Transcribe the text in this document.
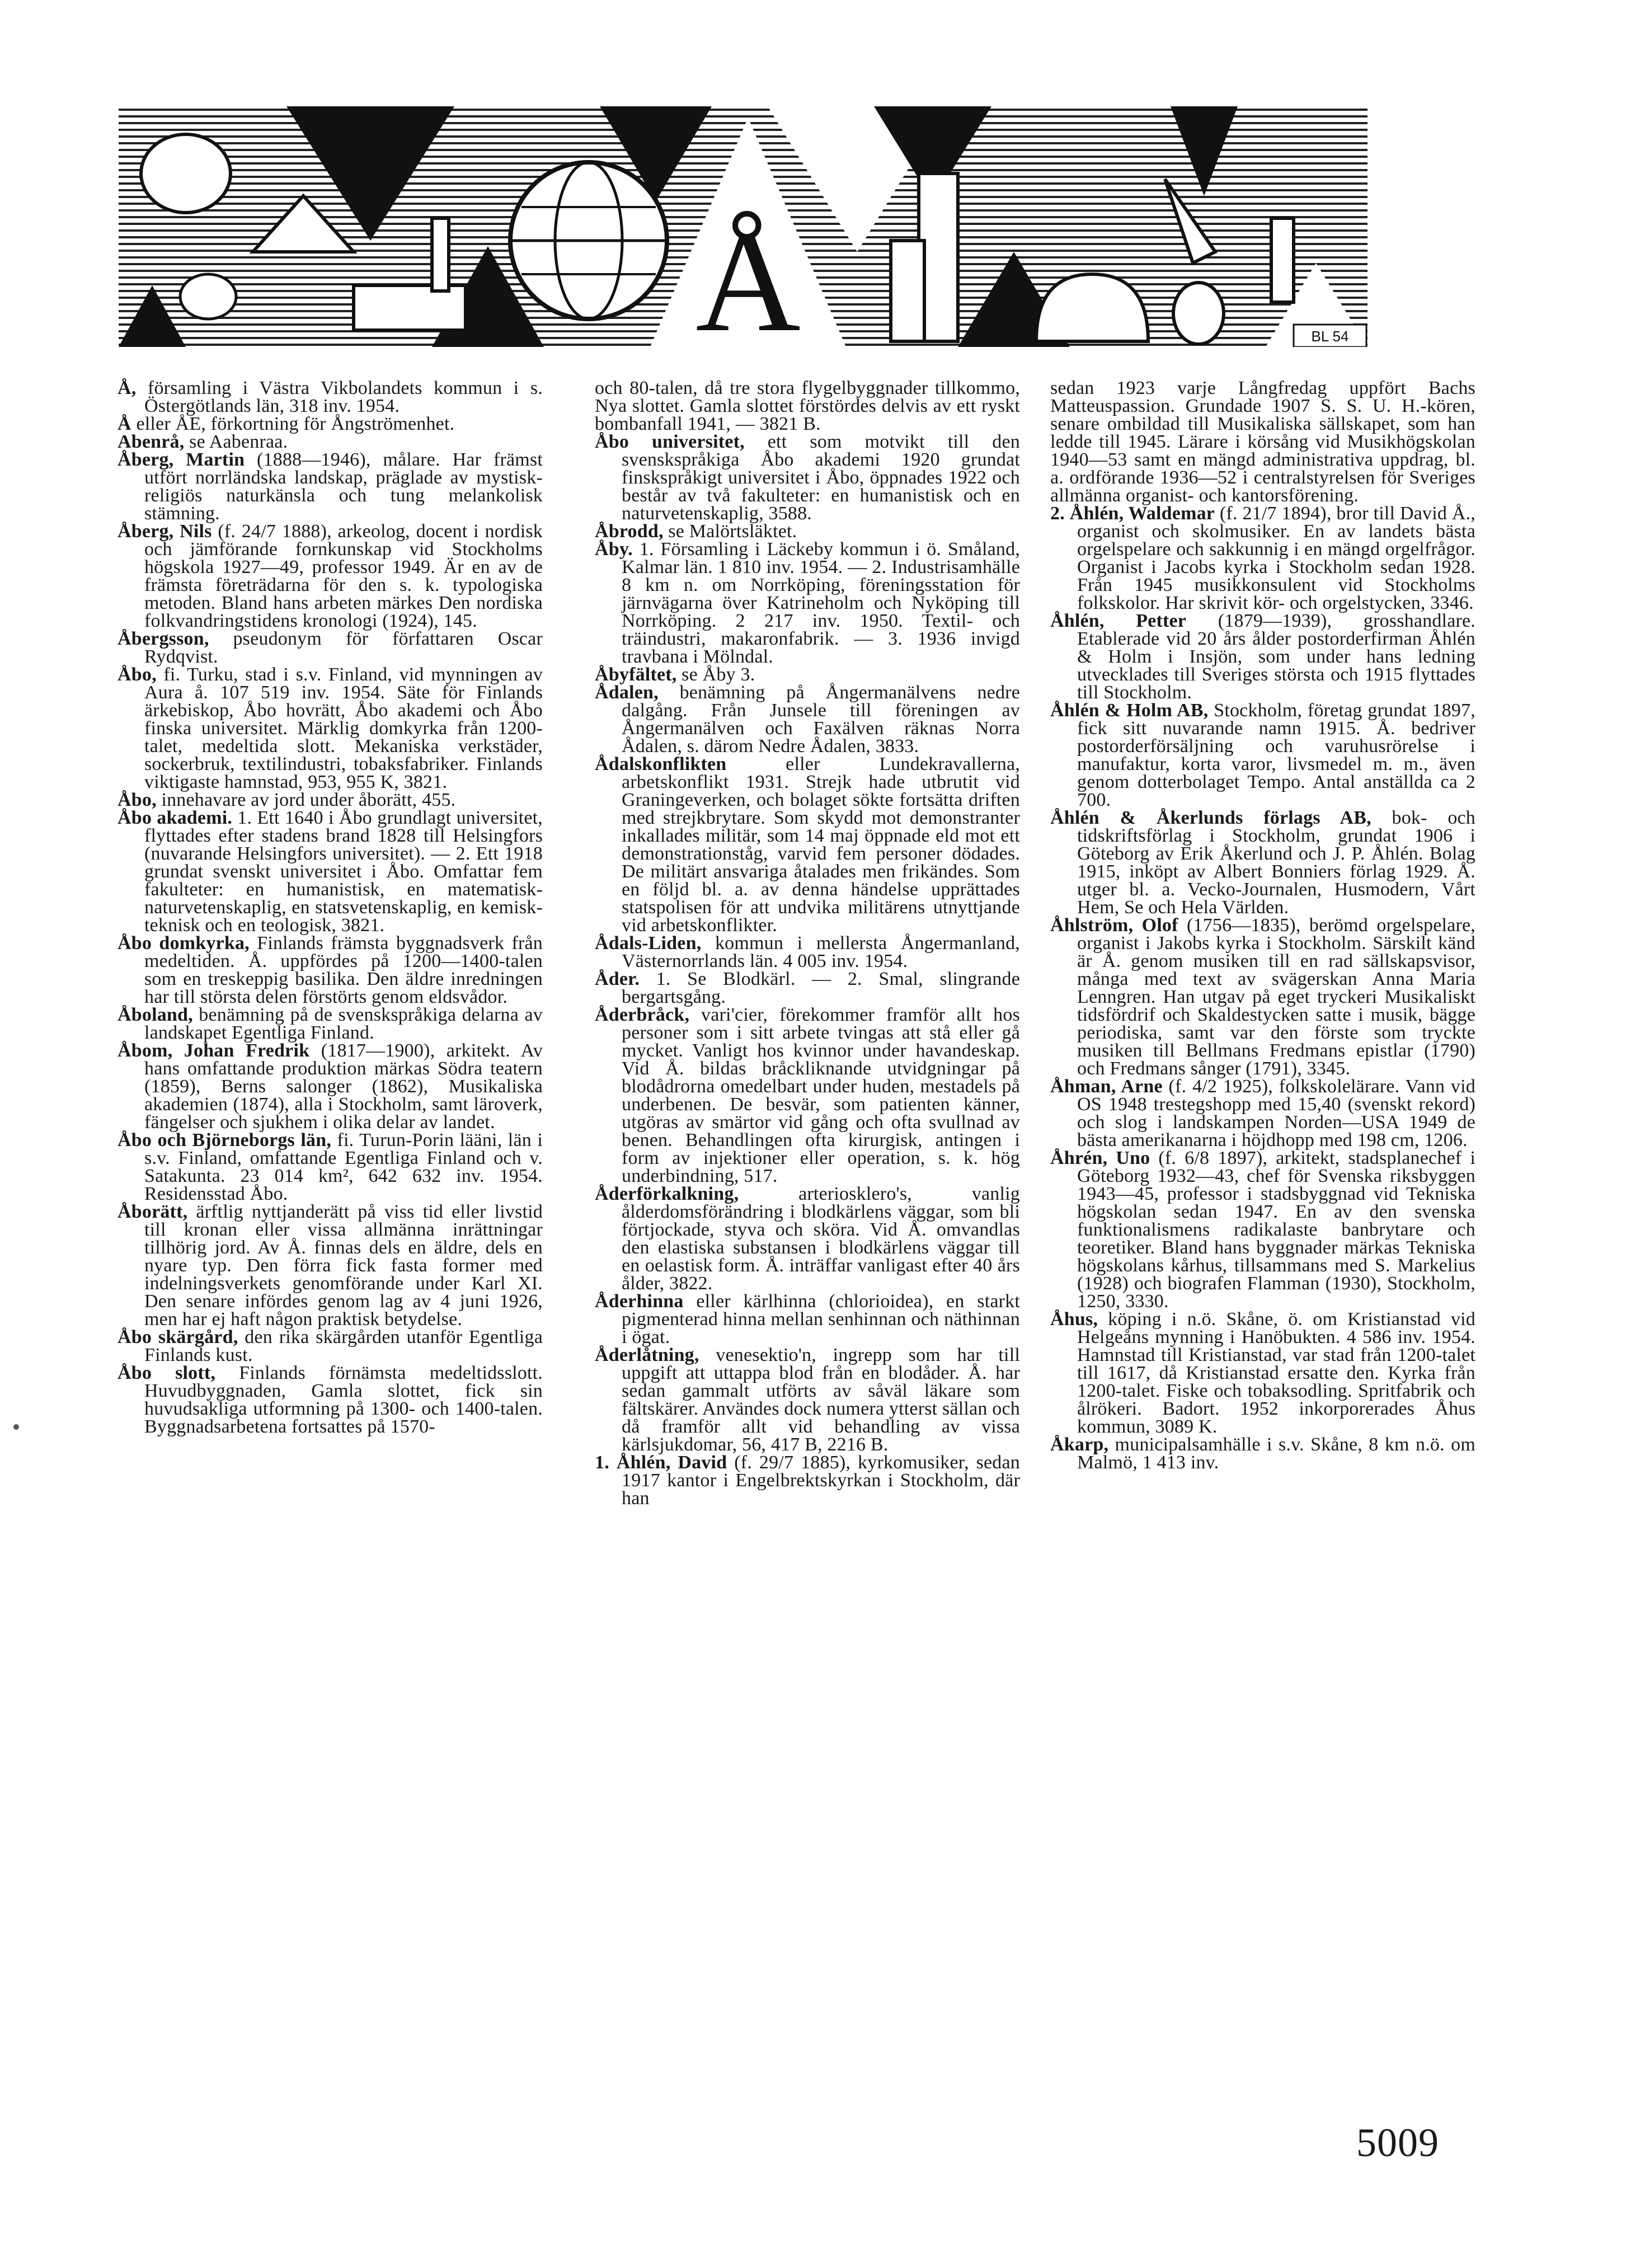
Å	BL 54

Å, församling i Västra Vikbolandets kommun i s. Östergötlands län, 318 inv. 1954.

Å eller ÅE, förkortning för Ångströmenhet.

Abenrå, se Aabenraa.

Åberg, Martin (1888—1946), målare. Har främst utfört norrländska landskap, präglade av mystisk-religiös naturkänsla och tung melankolisk stämning.

Åberg, Nils (f. 24/7 1888), arkeolog, docent i nordisk och jämförande fornkunskap vid Stockholms högskola 1927—49, professor 1949. Är en av de främsta företrädarna för den s. k. typologiska metoden. Bland hans arbeten märkes Den nordiska folkvandringstidens kronologi (1924), 145.

Åbergsson, pseudonym för författaren Oscar Rydqvist.

Åbo, fi. Turku, stad i s.v. Finland, vid mynningen av Aura å. 107 519 inv. 1954. Säte för Finlands ärkebiskop, Åbo hovrätt, Åbo akademi och Åbo finska universitet. Märklig domkyrka från 1200-talet, medeltida slott. Mekaniska verkstäder, sockerbruk, textilindustri, tobaksfabriker. Finlands viktigaste hamnstad, 953, 955 K, 3821.

Åbo, innehavare av jord under åborätt, 455.

Åbo akademi. 1. Ett 1640 i Åbo grundlagt universitet, flyttades efter stadens brand 1828 till Helsingfors (nuvarande Helsingfors universitet). — 2. Ett 1918 grundat svenskt universitet i Åbo. Omfattar fem fakulteter: en humanistisk, en matematisk-naturvetenskaplig, en statsvetenskaplig, en kemisk-teknisk och en teologisk, 3821.

Åbo domkyrka, Finlands främsta byggnadsverk från medeltiden. Å. uppfördes på 1200—1400-talen som en treskeppig basilika. Den äldre inredningen har till största delen förstörts genom eldsvådor.

Åboland, benämning på de svenskspråkiga delarna av landskapet Egentliga Finland.

Åbom, Johan Fredrik (1817—1900), arkitekt. Av hans omfattande produktion märkas Södra teatern (1859), Berns salonger (1862), Musikaliska akademien (1874), alla i Stockholm, samt läroverk, fängelser och sjukhem i olika delar av landet.

Åbo och Björneborgs län, fi. Turun-Porin lääni, län i s.v. Finland, omfattande Egentliga Finland och v. Satakunta. 23 014 km², 642 632 inv. 1954. Residensstad Åbo.

Åborätt, ärftlig nyttjanderätt på viss tid eller livstid till kronan eller vissa allmänna inrättningar tillhörig jord. Av Å. finnas dels en äldre, dels en nyare typ. Den förra fick fasta former med indelningsverkets genomförande under Karl XI. Den senare infördes genom lag av 4 juni 1926, men har ej haft någon praktisk betydelse.

Åbo skärgård, den rika skärgården utanför Egentliga Finlands kust.

Åbo slott, Finlands förnämsta medeltidsslott. Huvudbyggnaden, Gamla slottet, fick sin huvudsakliga utformning på 1300- och 1400-talen. Byggnadsarbetena fortsattes på 1570-

och 80-talen, då tre stora flygelbyggnader tillkommo, Nya slottet. Gamla slottet förstördes delvis av ett ryskt bombanfall 1941, — 3821 B.

Åbo universitet, ett som motvikt till den svenskspråkiga Åbo akademi 1920 grundat finskspråkigt universitet i Åbo, öppnades 1922 och består av två fakulteter: en humanistisk och en naturvetenskaplig, 3588.

Åbrodd, se Malörtsläktet.

Åby. 1. Församling i Läckeby kommun i ö. Småland, Kalmar län. 1 810 inv. 1954. — 2. Industrisamhälle 8 km n. om Norrköping, föreningsstation för järnvägarna över Katrineholm och Nyköping till Norrköping. 2 217 inv. 1950. Textil- och träindustri, makaronfabrik. — 3. 1936 invigd travbana i Mölndal.

Åbyfältet, se Åby 3.

Ådalen, benämning på Ångermanälvens nedre dalgång. Från Junsele till föreningen av Ångermanälven och Faxälven räknas Norra Ådalen, s. därom Nedre Ådalen, 3833.

Ådalskonflikten eller Lundekravallerna, arbetskonflikt 1931. Strejk hade utbrutit vid Graningeverken, och bolaget sökte fortsätta driften med strejkbrytare. Som skydd mot demonstranter inkallades militär, som 14 maj öppnade eld mot ett demonstrationståg, varvid fem personer dödades. De militärt ansvariga åtalades men frikändes. Som en följd bl. a. av denna händelse upprättades statspolisen för att undvika militärens utnyttjande vid arbetskonflikter.

Ådals-Liden, kommun i mellersta Ångermanland, Västernorrlands län. 4 005 inv. 1954.

Åder. 1. Se Blodkärl. — 2. Smal, slingrande bergartsgång.

Åderbråck, vari'cier, förekommer framför allt hos personer som i sitt arbete tvingas att stå eller gå mycket. Vanligt hos kvinnor under havandeskap. Vid Å. bildas bråckliknande utvidgningar på blodådrorna omedelbart under huden, mestadels på underbenen. De besvär, som patienten känner, utgöras av smärtor vid gång och ofta svullnad av benen. Behandlingen ofta kirurgisk, antingen i form av injektioner eller operation, s. k. hög underbindning, 517.

Åderförkalkning, arteriosklero's, vanlig ålderdomsförändring i blodkärlens väggar, som bli förtjockade, styva och sköra. Vid Å. omvandlas den elastiska substansen i blodkärlens väggar till en oelastisk form. Å. inträffar vanligast efter 40 års ålder, 3822.

Åderhinna eller kärlhinna (chlorioidea), en starkt pigmenterad hinna mellan senhinnan och näthinnan i ögat.

Åderlåtning, venesektio'n, ingrepp som har till uppgift att uttappa blod från en blodåder. Å. har sedan gammalt utförts av såväl läkare som fältskärer. Användes dock numera ytterst sällan och då framför allt vid behandling av vissa kärlsjukdomar, 56, 417 B, 2216 B.

1. Åhlén, David (f. 29/7 1885), kyrkomusiker, sedan 1917 kantor i Engelbrektskyrkan i Stockholm, där han

sedan 1923 varje Långfredag uppfört Bachs Matteuspassion. Grundade 1907 S. S. U. H.-kören, senare ombildad till Musikaliska sällskapet, som han ledde till 1945. Lärare i körsång vid Musikhögskolan 1940—53 samt en mängd administrativa uppdrag, bl. a. ordförande 1936—52 i centralstyrelsen för Sveriges allmänna organist- och kantorsförening.

2. Åhlén, Waldemar (f. 21/7 1894), bror till David Å., organist och skolmusiker. En av landets bästa orgelspelare och sakkunnig i en mängd orgelfrågor. Organist i Jacobs kyrka i Stockholm sedan 1928. Från 1945 musikkonsulent vid Stockholms folkskolor. Har skrivit kör- och orgelstycken, 3346.

Åhlén, Petter (1879—1939), grosshandlare. Etablerade vid 20 års ålder postorderfirman Åhlén & Holm i Insjön, som under hans ledning utvecklades till Sveriges största och 1915 flyttades till Stockholm.

Åhlén & Holm AB, Stockholm, företag grundat 1897, fick sitt nuvarande namn 1915. Å. bedriver postorderförsäljning och varuhusrörelse i manufaktur, korta varor, livsmedel m. m., även genom dotterbolaget Tempo. Antal anställda ca 2 700.

Åhlén & Åkerlunds förlags AB, bok- och tidskriftsförlag i Stockholm, grundat 1906 i Göteborg av Erik Åkerlund och J. P. Åhlén. Bolag 1915, inköpt av Albert Bonniers förlag 1929. Å. utger bl. a. Vecko-Journalen, Husmodern, Vårt Hem, Se och Hela Världen.

Åhlström, Olof (1756—1835), berömd orgelspelare, organist i Jakobs kyrka i Stockholm. Särskilt känd är Å. genom musiken till en rad sällskapsvisor, många med text av svägerskan Anna Maria Lenngren. Han utgav på eget tryckeri Musikaliskt tidsfördrif och Skaldestycken satte i musik, bägge periodiska, samt var den förste som tryckte musiken till Bellmans Fredmans epistlar (1790) och Fredmans sånger (1791), 3345.

Åhman, Arne (f. 4/2 1925), folkskolelärare. Vann vid OS 1948 trestegshopp med 15,40 (svenskt rekord) och slog i landskampen Norden—USA 1949 de bästa amerikanarna i höjdhopp med 198 cm, 1206.

Åhrén, Uno (f. 6/8 1897), arkitekt, stadsplanechef i Göteborg 1932—43, chef för Svenska riksbyggen 1943—45, professor i stadsbyggnad vid Tekniska högskolan sedan 1947. En av den svenska funktionalismens radikalaste banbrytare och teoretiker. Bland hans byggnader märkas Tekniska högskolans kårhus, tillsammans med S. Markelius (1928) och biografen Flamman (1930), Stockholm, 1250, 3330.

Åhus, köping i n.ö. Skåne, ö. om Kristianstad vid Helgeåns mynning i Hanöbukten. 4 586 inv. 1954. Hamnstad till Kristianstad, var stad från 1200-talet till 1617, då Kristianstad ersatte den. Kyrka från 1200-talet. Fiske och tobaksodling. Spritfabrik och ålrökeri. Badort. 1952 inkorporerades Åhus kommun, 3089 K.

Åkarp, municipalsamhälle i s.v. Skåne, 8 km n.ö. om Malmö, 1 413 inv.

5009
